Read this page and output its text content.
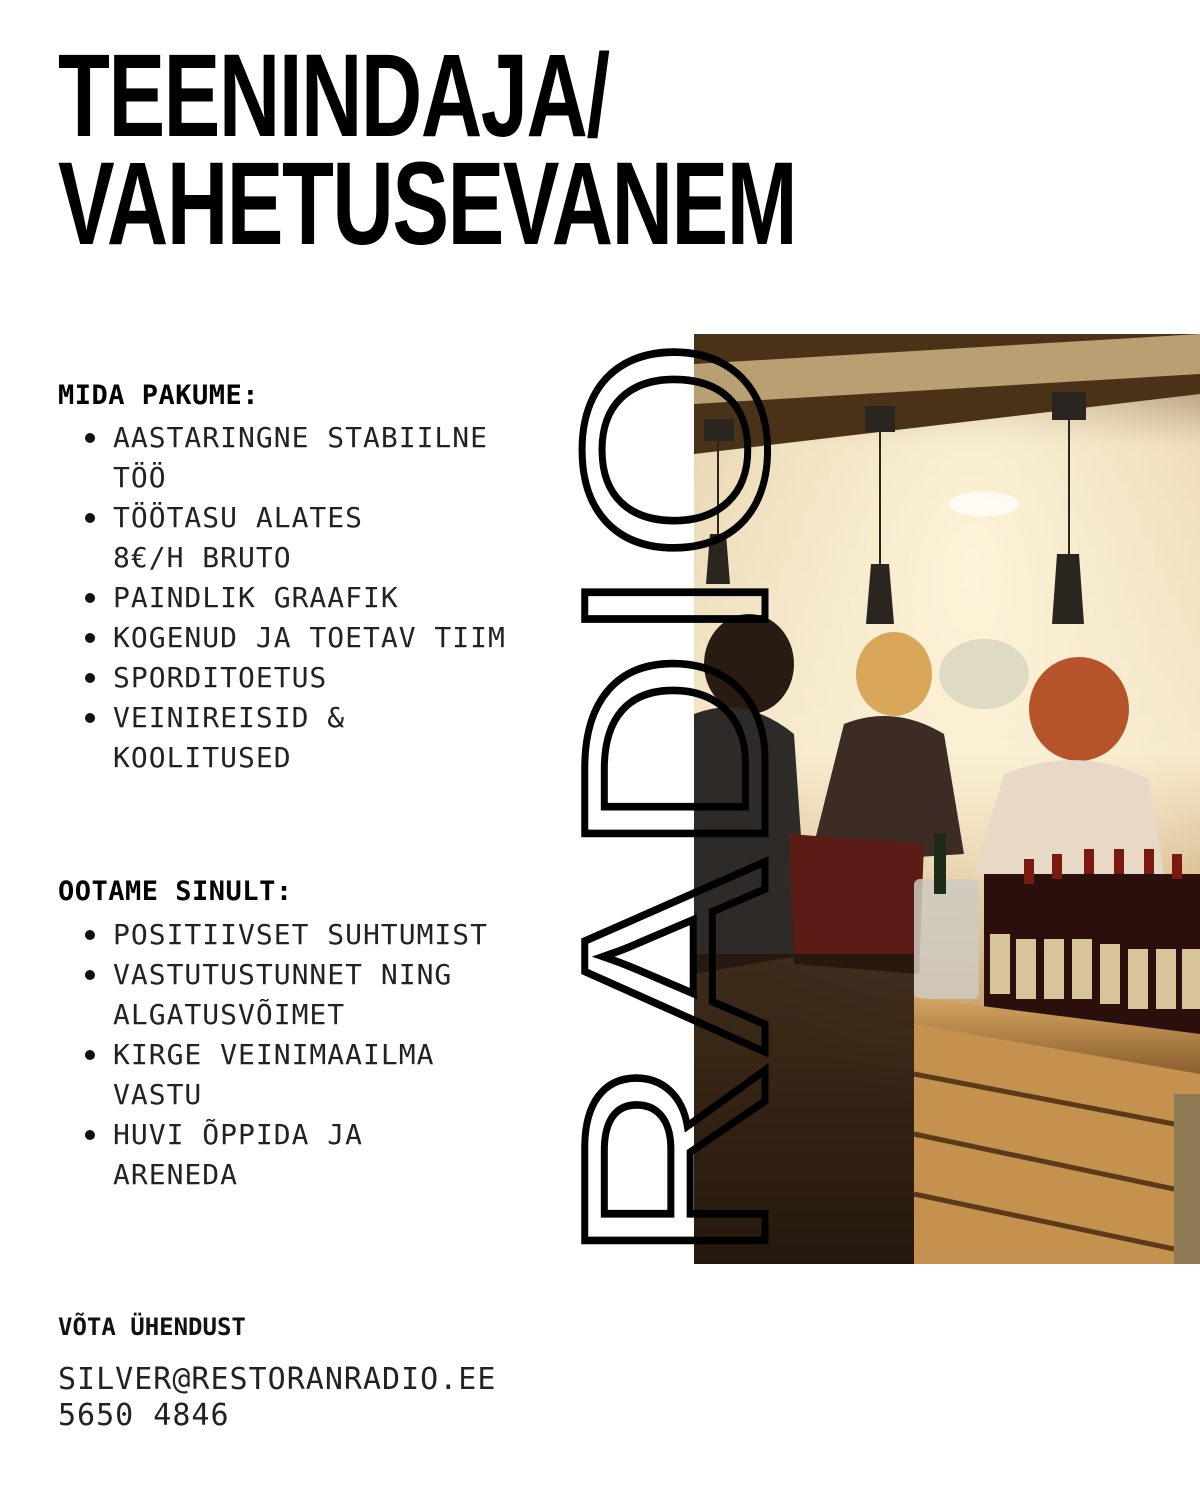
TEENINDAJA/
VAHETUSEVANEM
MIDA PAKUME:
AASTARINGNE STABIILNE TÖÖ
TÖÖTASU ALATES  8€/H BRUTO
PAINDLIK GRAAFIK
KOGENUD JA TOETAV TIIM
SPORDITOETUS
VEINIREISID & KOOLITUSED
OOTAME SINULT:
POSITIIVSET SUHTUMIST
VASTUTUSTUNNET NING ALGATUSVÕIMET
KIRGE VEINIMAAILMA VASTU
HUVI ÕPPIDA JA ARENEDA	RADIO
VÕTA ÜHENDUST

SILVER@RESTORANRADIO.EE

5650 4846
